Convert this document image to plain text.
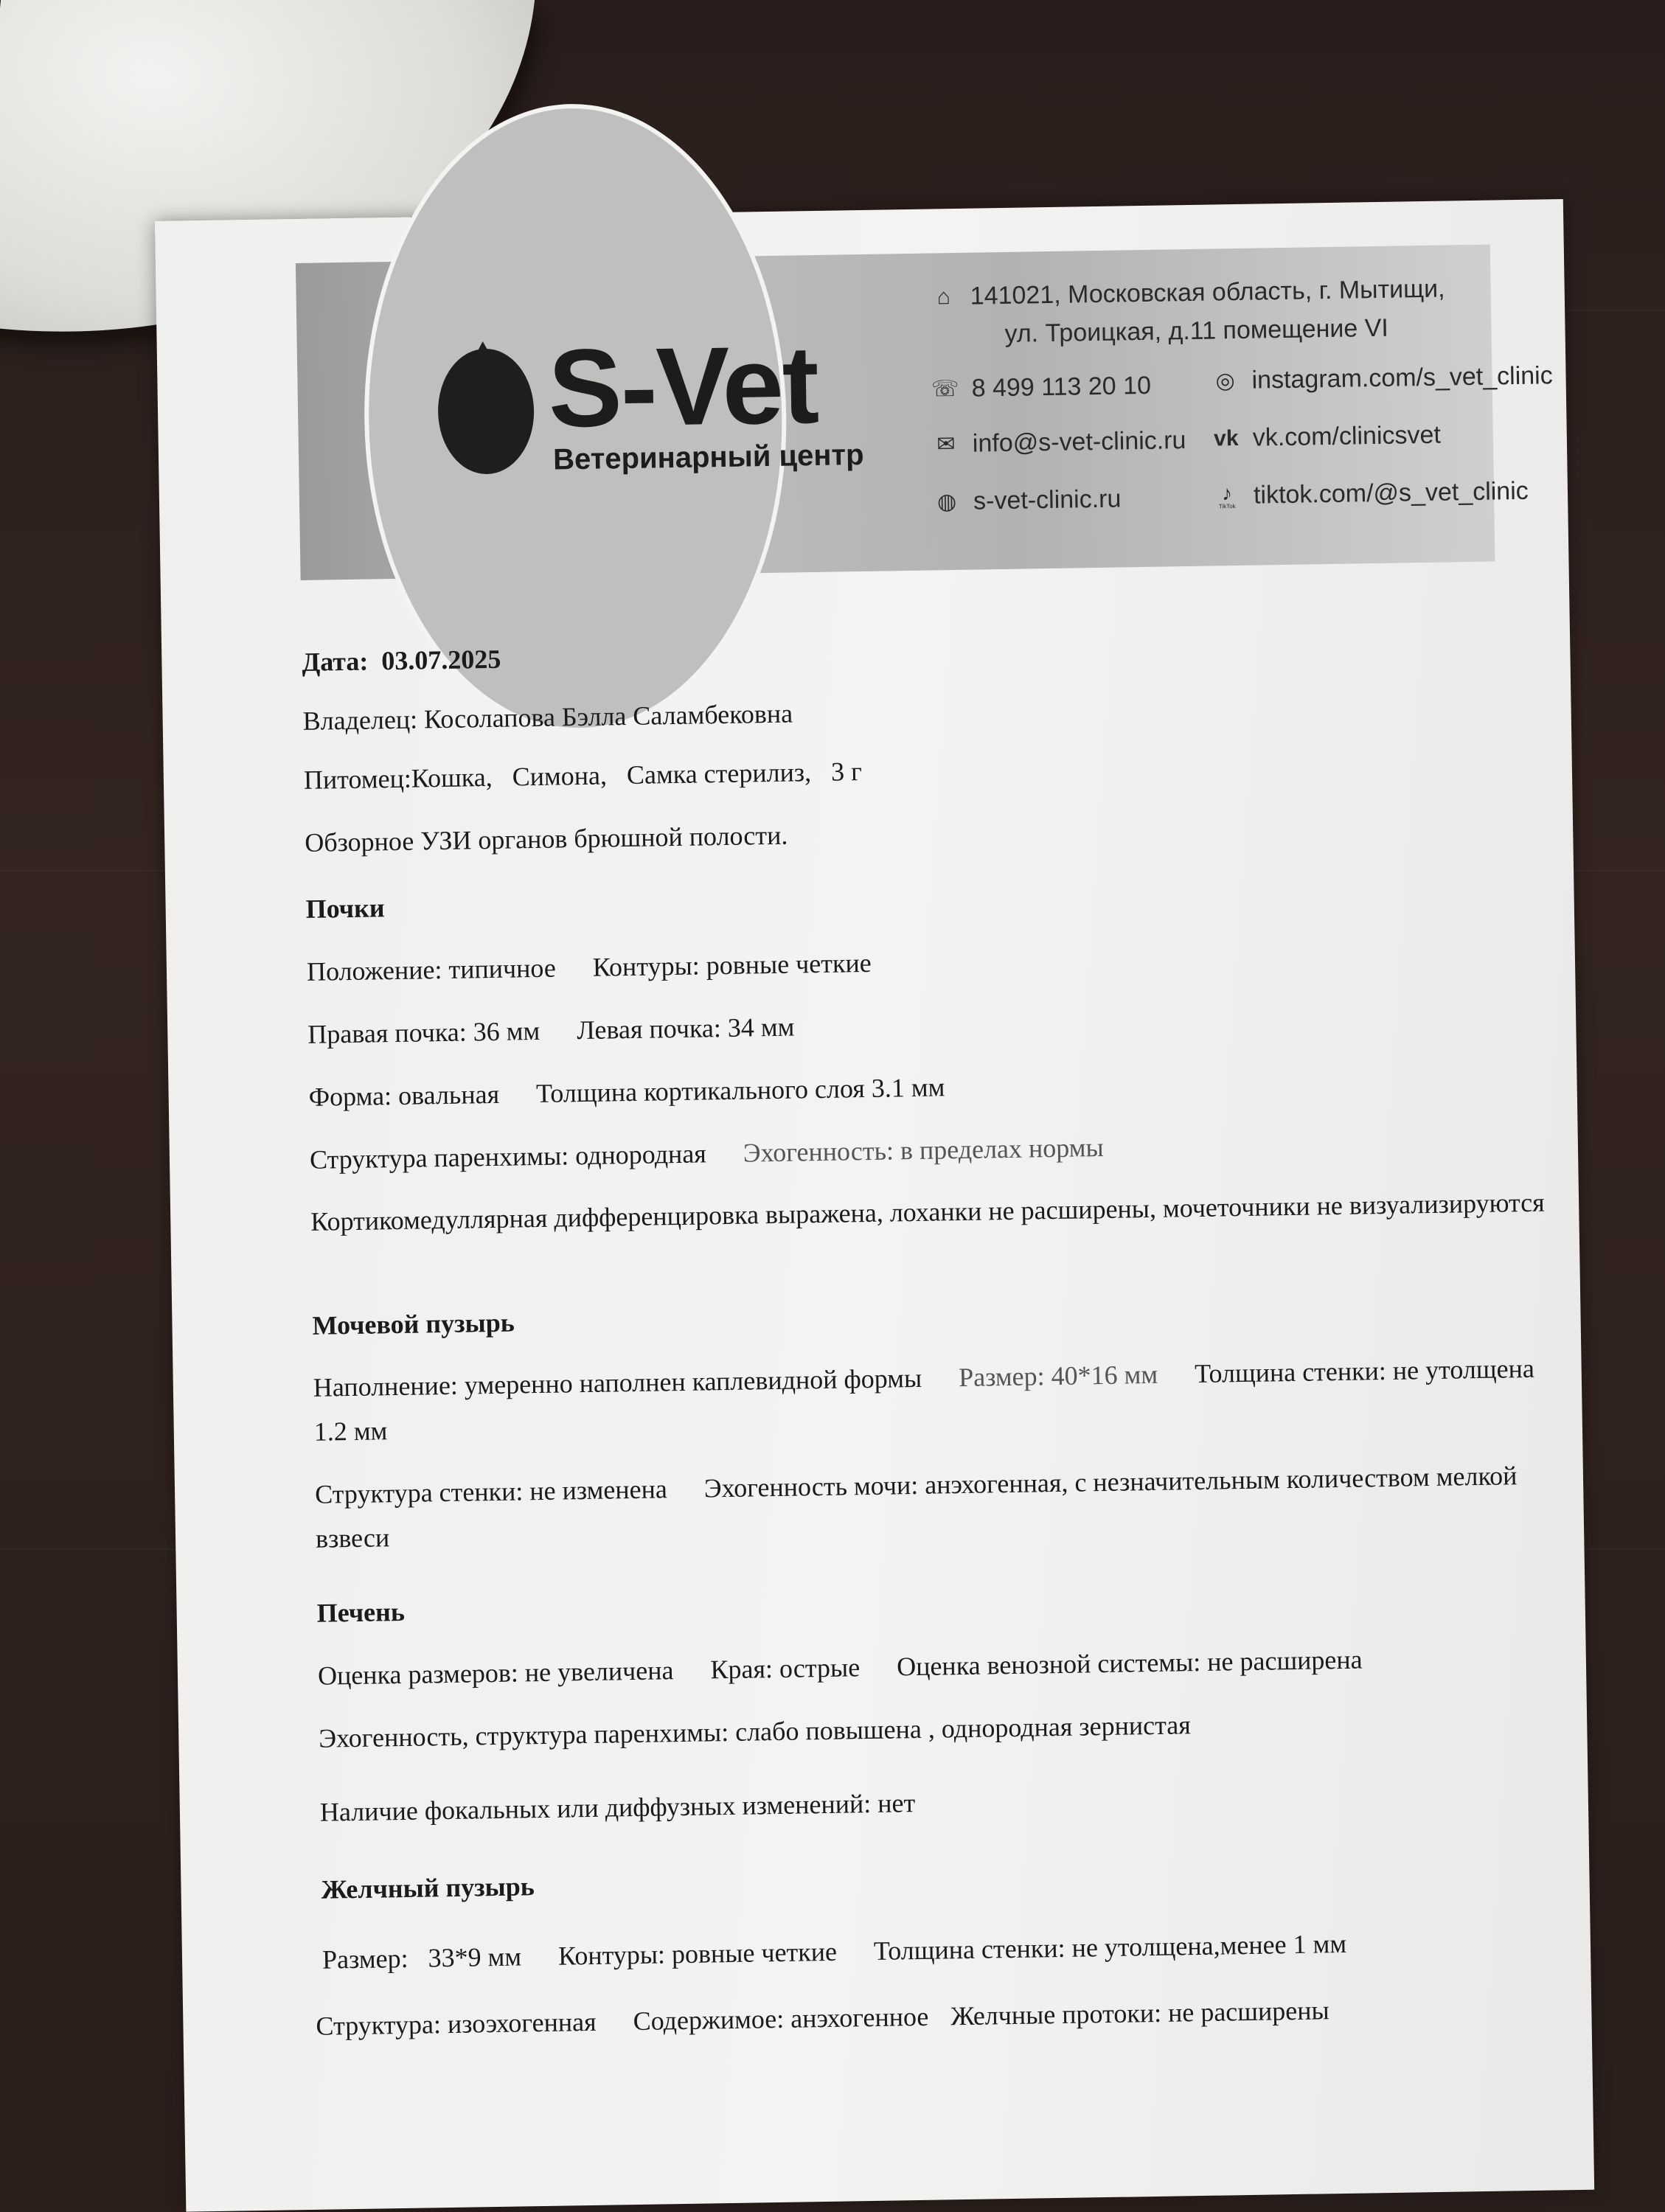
S-Vet
Ветеринарный центр
⌂ 141021, Московская область, г. Мытищи,
ул. Троицкая, д.11 помещение VI
☏ 8 499 113 20 10
✉ info@s-vet-clinic.ru
◍ s-vet-clinic.ru
◎ instagram.com/s_vet_clinic
vk vk.com/clinicsvet
♪
TikTok tiktok.com/@s_vet_clinic
Дата: 03.07.2025
Владелец: Косолапова Бэлла Саламбековна
Питомец:Кошка, Симона, Самка стерилиз, 3 г
Обзорное УЗИ органов брюшной полости.
Почки
Положение: типичное Контуры: ровные четкие
Правая почка: 36 мм Левая почка: 34 мм
Форма: овальная Толщина кортикального слоя 3.1 мм
Структура паренхимы: однородная Эхогенность: в пределах нормы
Кортикомедуллярная дифференцировка выражена, лоханки не расширены, мочеточники не визуализируются
Мочевой пузырь
Наполнение: умеренно наполнен каплевидной формы Размер: 40*16 мм Толщина стенки: не утолщена 1.2 мм
Структура стенки: не изменена Эхогенность мочи: анэхогенная, с незначительным количеством мелкой взвеси
Печень
Оценка размеров: не увеличена Края: острые Оценка венозной системы: не расширена
Эхогенность, структура паренхимы: слабо повышена , однородная зернистая
Наличие фокальных или диффузных изменений: нет
Желчный пузырь
Размер: 33*9 мм Контуры: ровные четкие Толщина стенки: не утолщена,менее 1 мм
Структура: изоэхогенная Содержимое: анэхогенное Желчные протоки: не расширены
